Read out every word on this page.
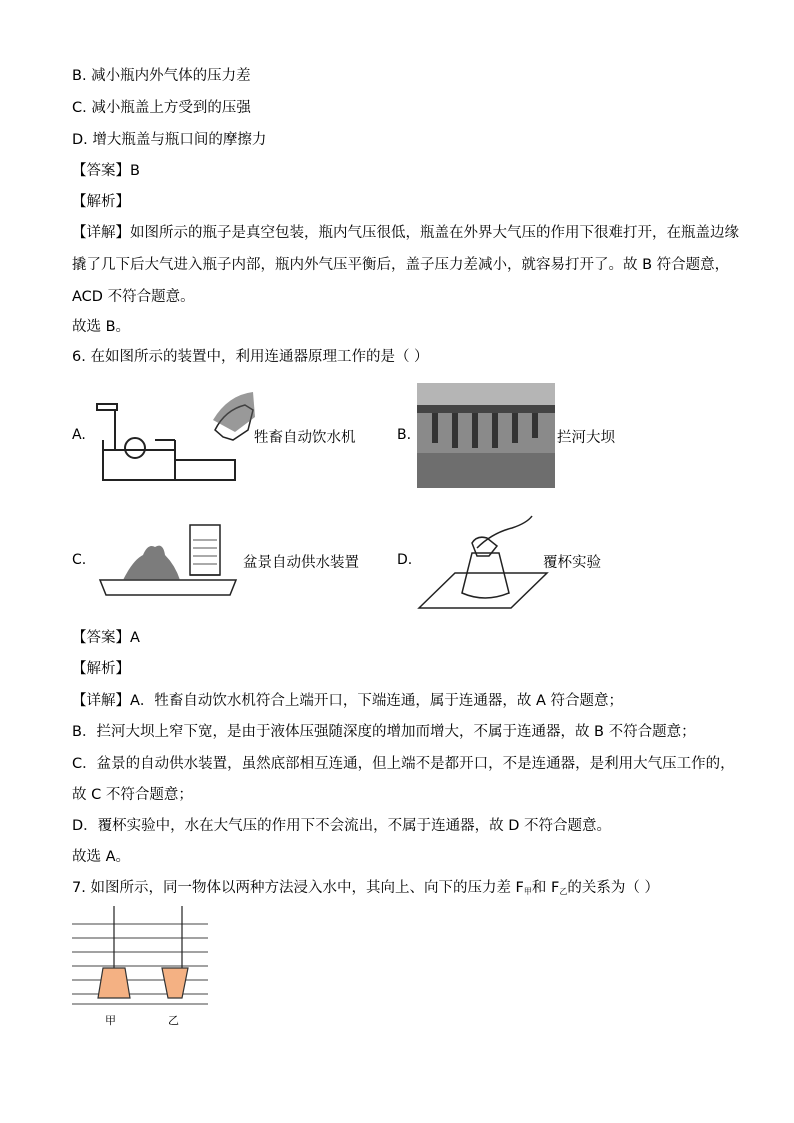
B. 减小瓶内外气体的压力差
C. 减小瓶盖上方受到的压强
D. 增大瓶盖与瓶口间的摩擦力
【答案】B
【解析】
【详解】如图所示的瓶子是真空包装，瓶内气压很低，瓶盖在外界大气压的作用下很难打开，在瓶盖边缘
撬了几下后大气进入瓶子内部，瓶内外气压平衡后，盖子压力差减小，就容易打开了。故 B 符合题意，
ACD 不符合题意。
故选 B。
6. 在如图所示的装置中，利用连通器原理工作的是（ ）
A.	牲畜自动饮水机	B.	拦河大坝
C.	盆景自动供水装置	D.	覆杯实验
【答案】A
【解析】
【详解】A．牲畜自动饮水机符合上端开口，下端连通，属于连通器，故 A 符合题意；
B．拦河大坝上窄下宽，是由于液体压强随深度的增加而增大，不属于连通器，故 B 不符合题意；
C．盆景的自动供水装置，虽然底部相互连通，但上端不是都开口，不是连通器，是利用大气压工作的，
故 C 不符合题意；
D．覆杯实验中，水在大气压的作用下不会流出，不属于连通器，故 D 不符合题意。
故选 A。
7. 如图所示，同一物体以两种方法浸入水中，其向上、向下的压力差 F甲和 F乙的关系为（ ）
甲	乙
